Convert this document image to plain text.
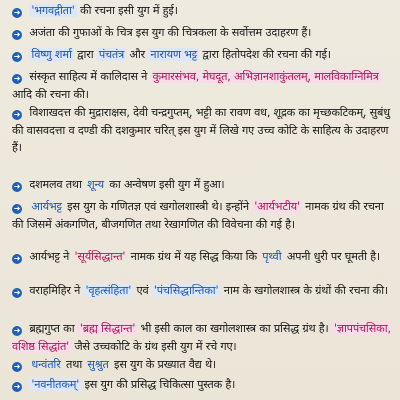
➜ 'भगवद्गीता' की रचना इसी युग में हुई।
➜ अजंता की गुफाओं के चित्र इस युग की चित्रकला के सर्वोत्तम उदाहरण हैं।
➜ विष्णु शर्मा द्वारा पंचतंत्र और नारायण भट्ट द्वारा हितोपदेश की रचना की गई।
➜ संस्कृत साहित्य में कालिदास ने कुमारसंभव, मेघदूत, अभिज्ञानशाकुंतलम्, मालविकाग्निमित्र आदि की रचना की।
➜ विशाखदत्त की मुद्राराक्षस, देवी चन्द्रगुप्तम्, भट्टी का रावण वध, शूद्रक का मृच्छकटिकम्, सुबंधु की वासवदत्ता व दण्डी की दशकुमार चरित् इस युग में लिखे गए उच्च कोटि के साहित्य के उदाहरण हैं।
➜ दशमलव तथा शून्य का अन्वेषण इसी युग में हुआ।
➜ आर्यभट्ट इस युग के गणितज्ञ एवं खगोलशास्त्री थे। इन्होंने 'आर्यभटीय' नामक ग्रंथ की रचना की जिसमें अंकगणित, बीजगणित तथा रेखागणित की विवेचना की गई है।
➜ आर्यभट्ट ने 'सूर्यसिद्धान्त' नामक ग्रंथ में यह सिद्ध किया कि पृथ्वी अपनी धुरी पर घूमती है।
➜ वराहमिहिर ने 'वृहत्संहिता' एवं 'पंचसिद्धान्तिका' नाम के खगोलशास्त्र के ग्रंथों की रचना की।
➜ ब्रह्मगुप्त का 'ब्रह्म सिद्धान्त' भी इसी काल का खगोलशास्त्र का प्रसिद्ध ग्रंथ है। 'ज्ञापपंचसिका, वशिष्ठ सिद्धांत' जैसे उच्चकोटि के ग्रंथ इसी युग में रचे गए।
➜ धन्वंतरि तथा सुश्रुत इस युग के प्रख्यात वैद्य थे।
➜ 'नवनीतकम्' इस युग की प्रसिद्ध चिकित्सा पुस्तक है।
